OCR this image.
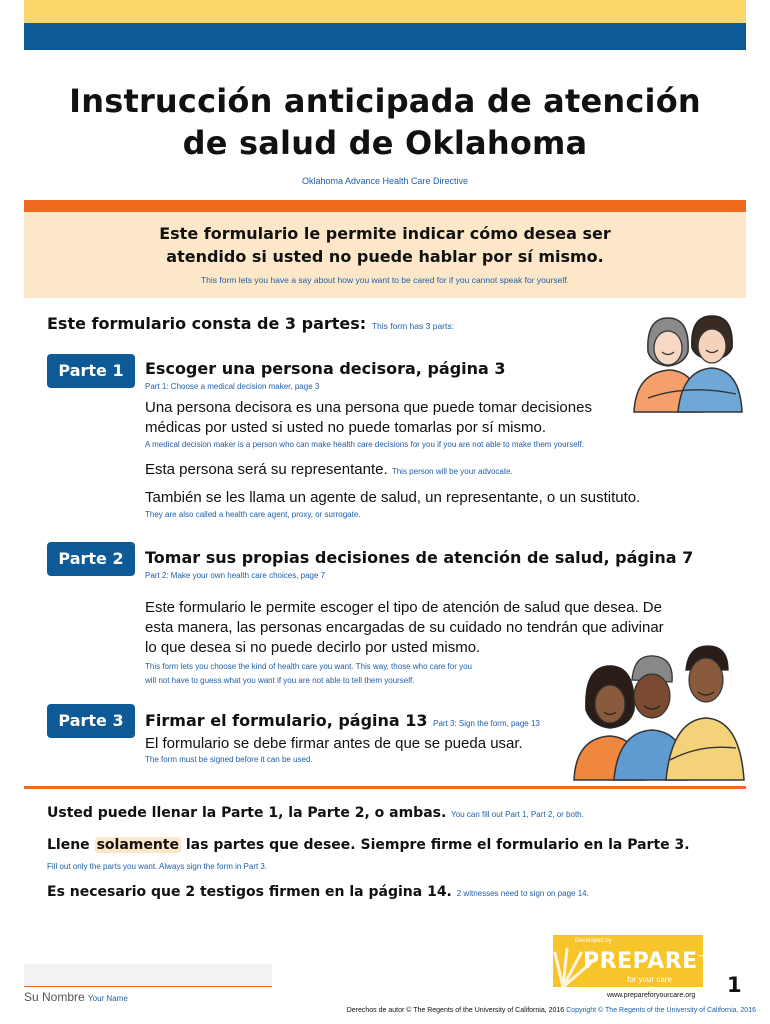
Instrucción anticipada de atención
de salud de Oklahoma
Oklahoma Advance Health Care Directive
Este formulario le permite indicar cómo desea ser
atendido si usted no puede hablar por sí mismo.
This form lets you have a say about how you want to be cared for if you cannot speak for yourself.
Este formulario consta de 3 partes: This form has 3 parts:
Parte 1	Escoger una persona decisora, página 3
Part 1: Choose a medical decision maker, page 3
Una persona decisora es una persona que puede tomar decisiones
médicas por usted si usted no puede tomarlas por sí mismo.
A medical decision maker is a person who can make health care decisions for you if you are not able to make them yourself.
Esta persona será su representante. This person will be your advocate.
También se les llama un agente de salud, un representante, o un sustituto.
They are also called a health care agent, proxy, or surrogate.
Parte 2	Tomar sus propias decisiones de atención de salud, página 7
Part 2: Make your own health care choices, page 7
Este formulario le permite escoger el tipo de atención de salud que desea. De
esta manera, las personas encargadas de su cuidado no tendrán que adivinar
lo que desea si no puede decirlo por usted mismo.
This form lets you choose the kind of health care you want. This way, those who care for you
will not have to guess what you want if you are not able to tell them yourself.
Parte 3	Firmar el formulario, página 13 Part 3: Sign the form, page 13
El formulario se debe firmar antes de que se pueda usar.
The form must be signed before it can be used.
Usted puede llenar la Parte 1, la Parte 2, o ambas. You can fill out Part 1, Part 2, or both.
Llene solamente las partes que desee. Siempre firme el formulario en la Parte 3.
Fill out only the parts you want. Always sign the form in Part 3.
Es necesario que 2 testigos firmen en la página 14. 2 witnesses need to sign on page 14.
Su Nombre Your Name
Developed by
PREPARE™
for your care
www.prepareforyourcare.org 1
Derechos de autor © The Regents of the University of California, 2016 Copyright © The Regents of the University of California, 2016
